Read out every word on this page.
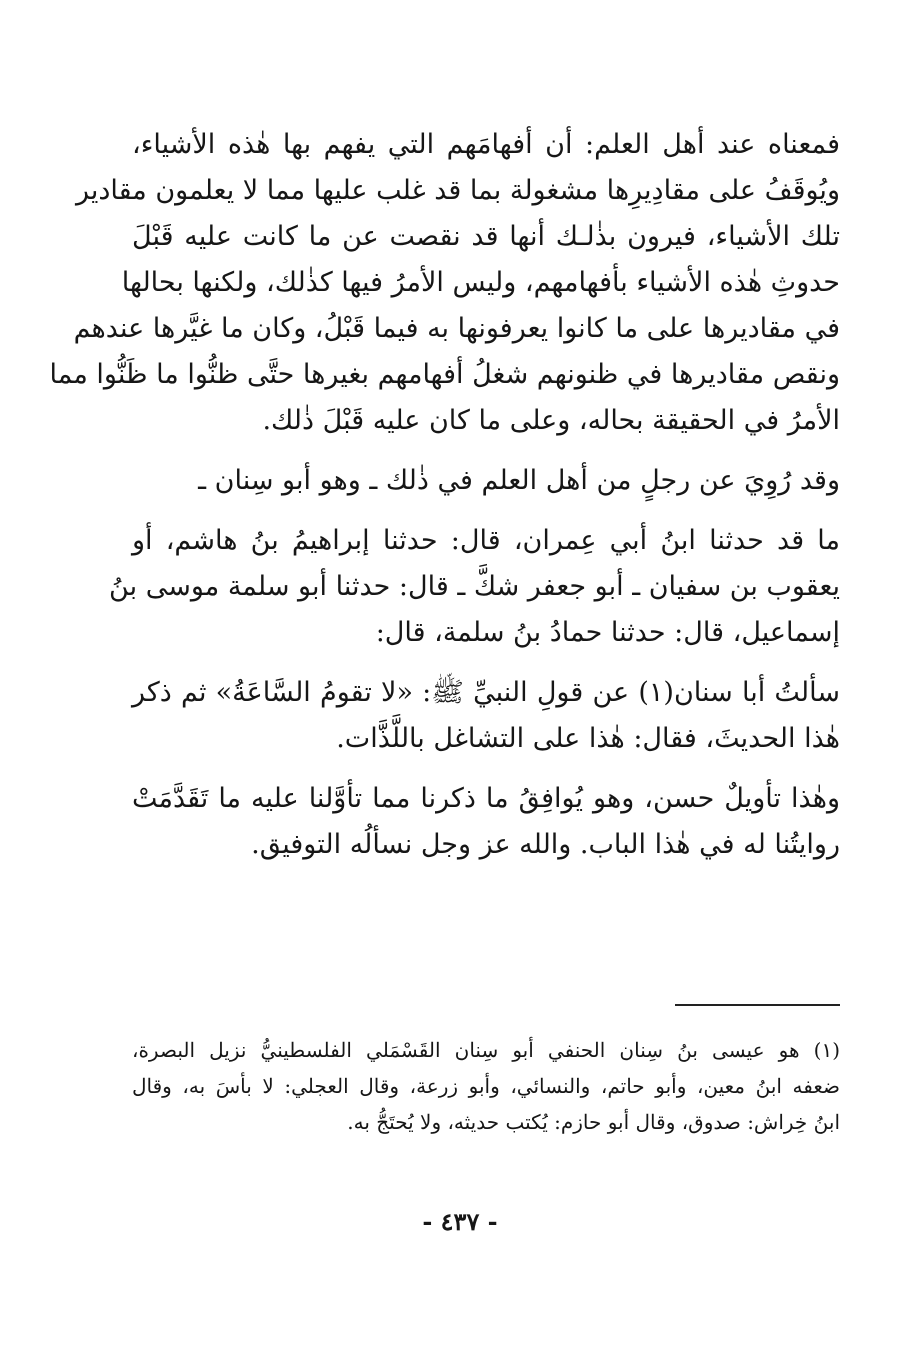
فمعناه عند أهل العلم: أن أفهامَهم التي يفهم بها هٰذه الأشياء،
ويُوقَفُ على مقادِيرِها مشغولة بما قد غلب عليها مما لا يعلمون مقادير
تلك الأشياء، فيرون بذٰلـك أنها قد نقصت عن ما كانت عليه قَبْلَ
حدوثِ هٰذه الأشياء بأفهامهم، وليس الأمرُ فيها كذٰلك، ولكنها بحالها
في مقاديرها على ما كانوا يعرفونها به فيما قَبْلُ، وكان ما غيَّرها عندهم
ونقص مقاديرها في ظنونهم شغلُ أفهامهم بغيرها حتَّى ظنُّوا ما ظَنُّوا مما
الأمرُ في الحقيقة بحاله، وعلى ما كان عليه قَبْلَ ذٰلك.

وقد رُوِيَ عن رجلٍ من أهل العلم في ذٰلك ـ وهو أبو سِنان ـ

ما قد حدثنا ابنُ أبي عِمران، قال: حدثنا إبراهيمُ بنُ هاشم، أو
يعقوب بن سفيان ـ أبو جعفر شكَّ ـ قال: حدثنا أبو سلمة موسى بنُ
إسماعيل، قال: حدثنا حمادُ بنُ سلمة، قال:

سألتُ أبا سنان(١) عن قولِ النبيِّ ﷺ: «لا تقومُ السَّاعَةُ» ثم ذكر
هٰذا الحديثَ، فقال: هٰذا على التشاغل باللَّذَّات.

وهٰذا تأويلٌ حسن، وهو يُوافِقُ ما ذكرنا مما تأوَّلنا عليه ما تَقَدَّمَتْ
روايتُنا له في هٰذا الباب. والله عز وجل نسألُه التوفيق.

(١) هو عيسى بنُ سِنان الحنفي أبو سِنان القَسْمَلي الفلسطينيُّ نزيل البصرة،
ضعفه ابنُ معين، وأبو حاتم، والنسائي، وأبو زرعة، وقال العجلي: لا بأسَ به، وقال
ابنُ خِراش: صدوق، وقال أبو حازم: يُكتب حديثه، ولا يُحتَجُّ به.
- ٤٣٧ -
